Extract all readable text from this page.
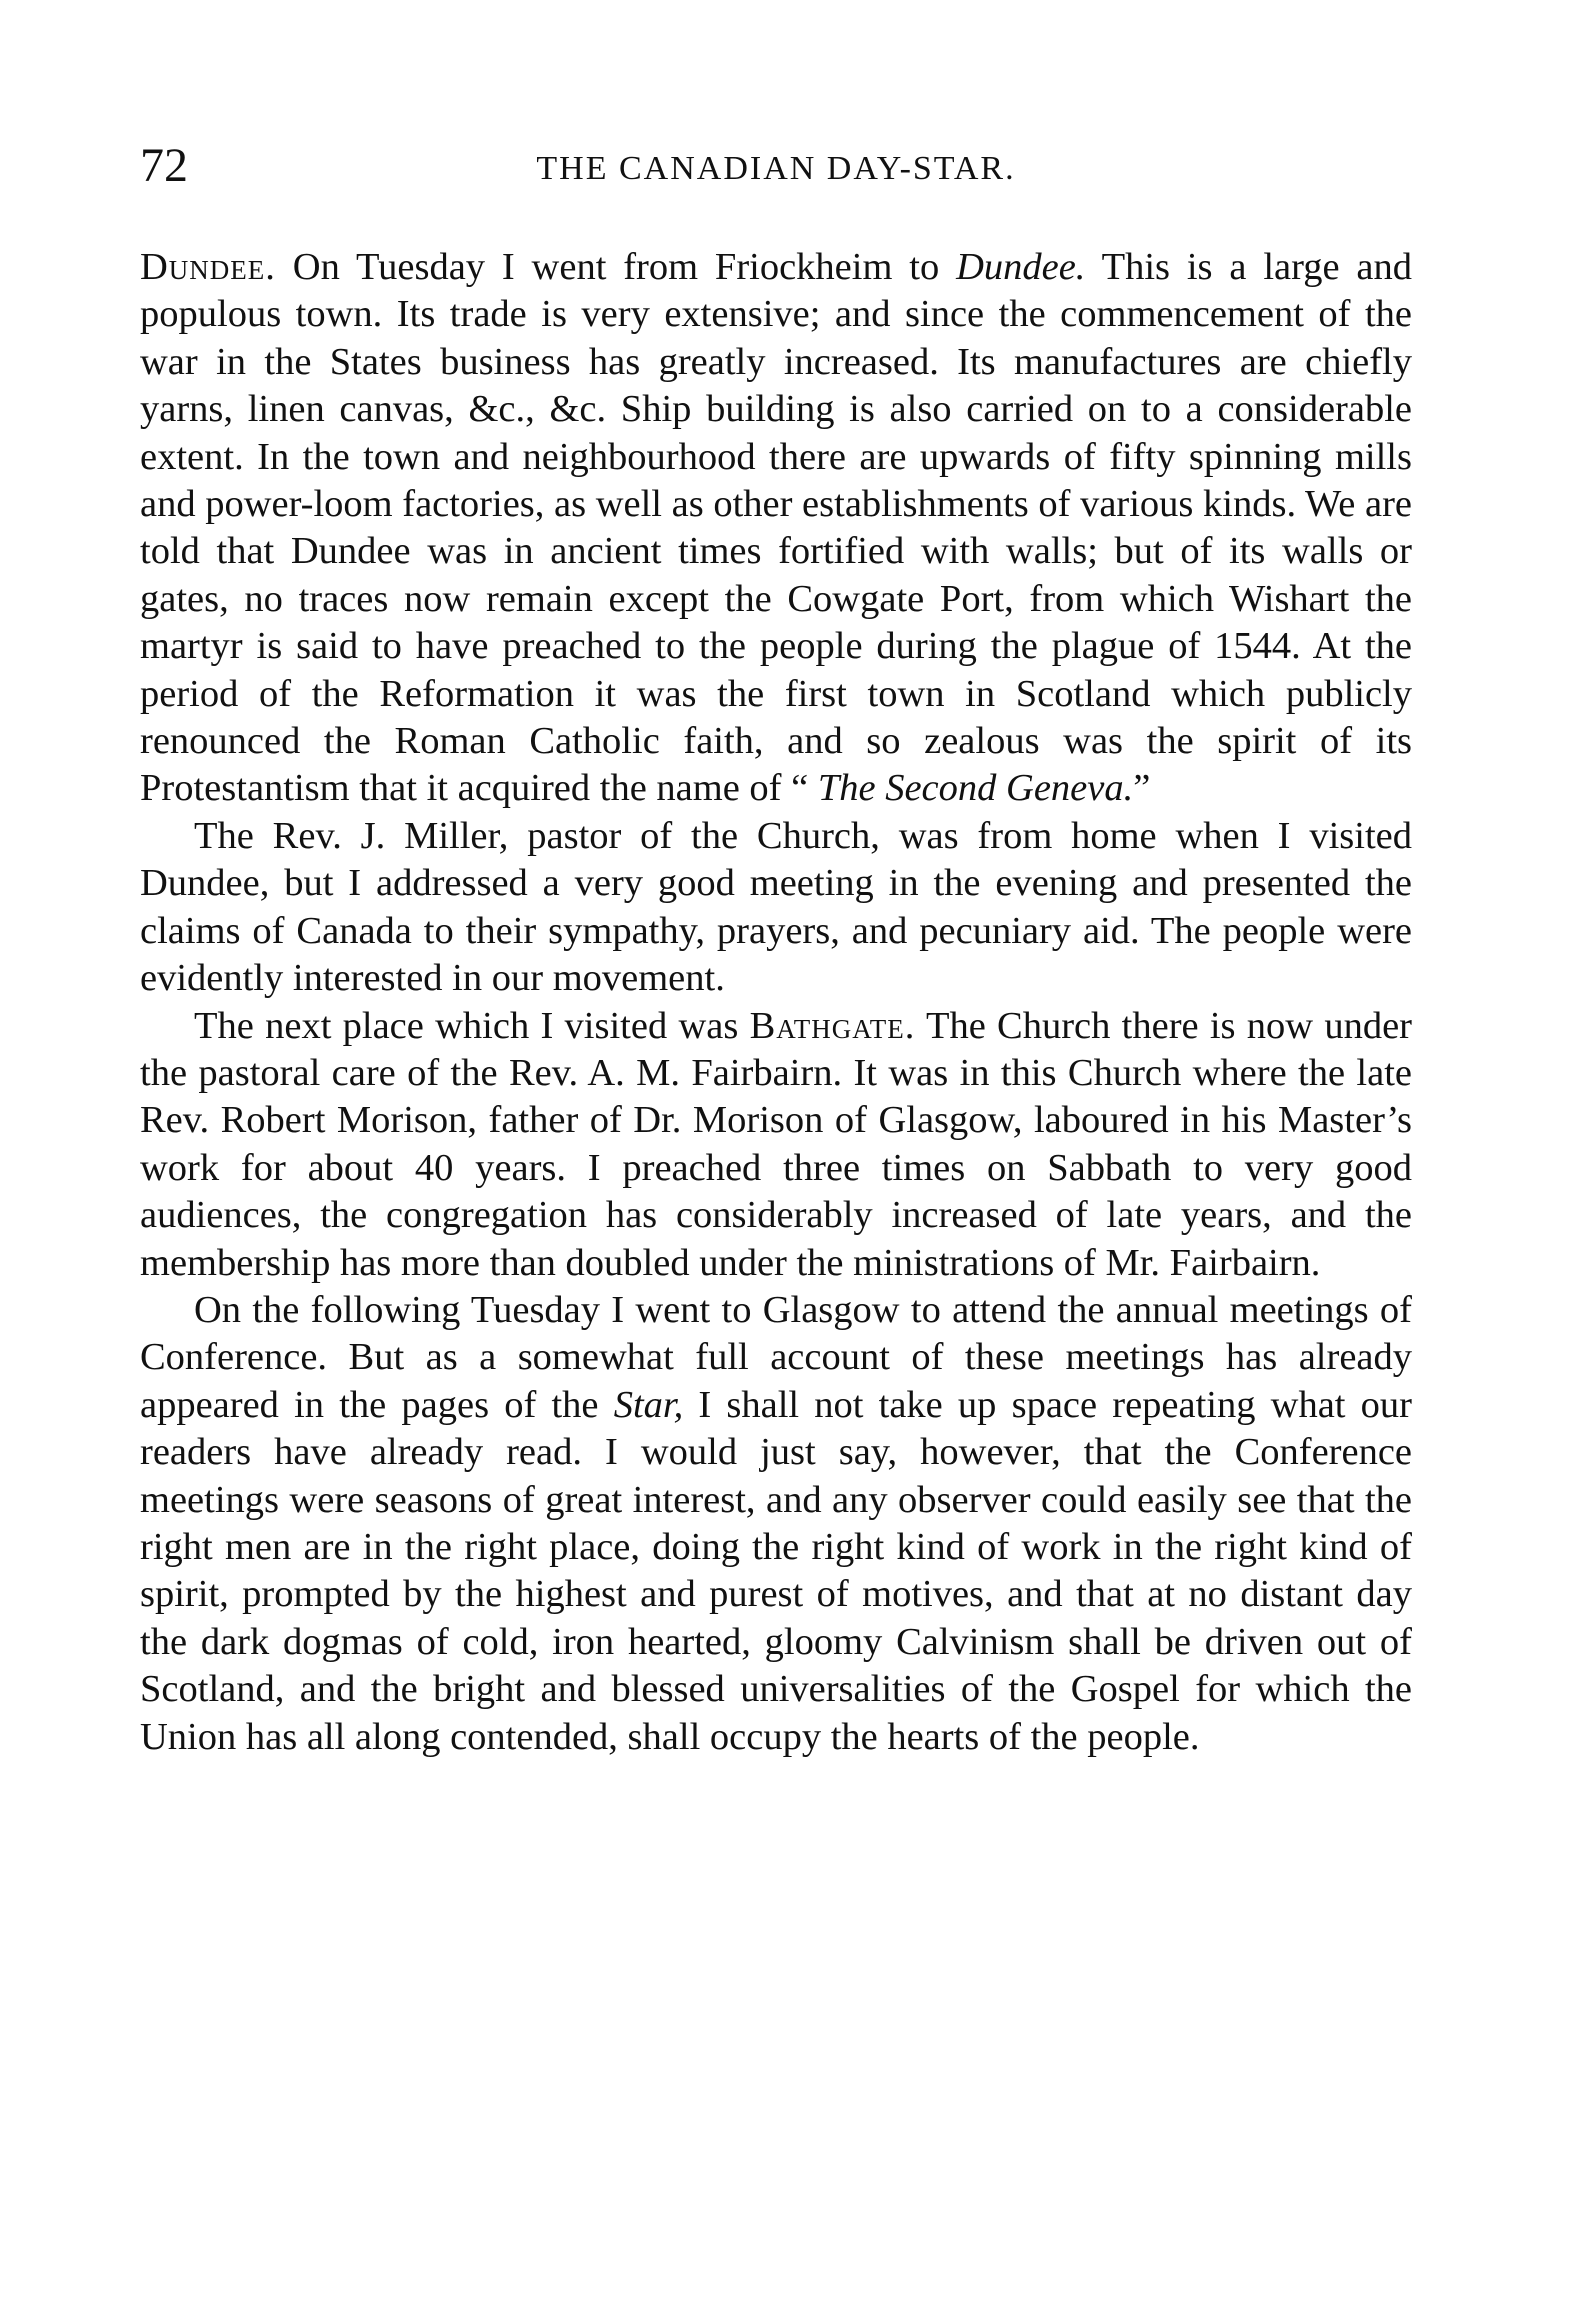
72	THE CANADIAN DAY-STAR.

Dundee. On Tuesday I went from Friockheim to Dundee. This is a large and populous town. Its trade is very extensive; and since the commencement of the war in the States business has greatly increased. Its manufactures are chiefly yarns, linen canvas, &c., &c. Ship building is also carried on to a considerable extent. In the town and neighbourhood there are upwards of fifty spinning mills and power-loom factories, as well as other establishments of various kinds. We are told that Dundee was in ancient times fortified with walls; but of its walls or gates, no traces now remain except the Cowgate Port, from which Wishart the martyr is said to have preached to the people during the plague of 1544. At the period of the Reformation it was the first town in Scotland which publicly renounced the Roman Catholic faith, and so zealous was the spirit of its Protestantism that it acquired the name of “ The Second Geneva.”

The Rev. J. Miller, pastor of the Church, was from home when I visited Dundee, but I addressed a very good meeting in the evening and presented the claims of Canada to their sympathy, prayers, and pecuniary aid. The people were evidently interested in our movement.

The next place which I visited was Bathgate. The Church there is now under the pastoral care of the Rev. A. M. Fairbairn. It was in this Church where the late Rev. Robert Morison, father of Dr. Morison of Glasgow, laboured in his Master’s work for about 40 years. I preached three times on Sabbath to very good audiences, the congregation has considerably increased of late years, and the membership has more than doubled under the ministrations of Mr. Fairbairn.

On the following Tuesday I went to Glasgow to attend the annual meetings of Conference. But as a somewhat full account of these meetings has already appeared in the pages of the Star, I shall not take up space repeating what our readers have already read. I would just say, however, that the Conference meetings were seasons of great interest, and any observer could easily see that the right men are in the right place, doing the right kind of work in the right kind of spirit, prompted by the highest and purest of motives, and that at no distant day the dark dogmas of cold, iron hearted, gloomy Calvinism shall be driven out of Scotland, and the bright and blessed universalities of the Gospel for which the Union has all along contended, shall occupy the hearts of the people.
